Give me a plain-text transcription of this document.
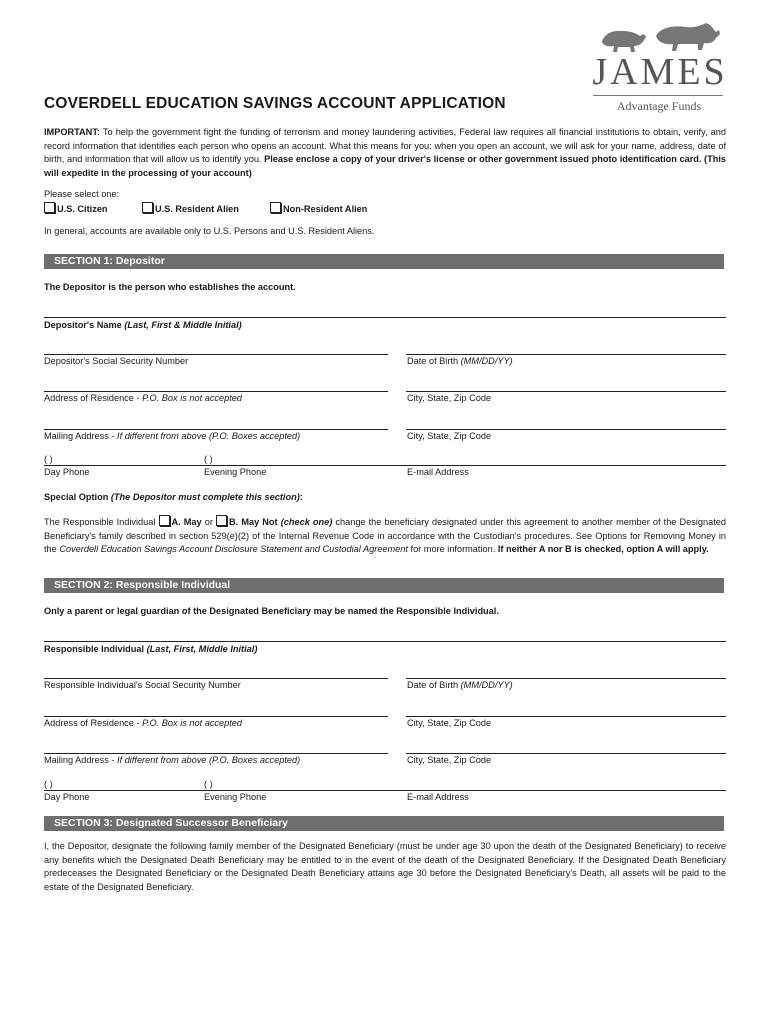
JAMES
Advantage Funds
COVERDELL EDUCATION SAVINGS ACCOUNT APPLICATION
IMPORTANT: To help the government fight the funding of terrorism and money laundering activities, Federal law requires all financial institutions to obtain, verify, and record information that identifies each person who opens an account. What this means for you: when you open an account, we will ask for your name, address, date of birth, and information that will allow us to identify you. Please enclose a copy of your driver's license or other government issued photo identification card. (This will expedite in the processing of your account)
Please select one:
U.S. Citizen	U.S. Resident Alien	Non-Resident Alien
In general, accounts are available only to U.S. Persons and U.S. Resident Aliens.
SECTION 1: Depositor
The Depositor is the person who establishes the account.
Depositor's Name (Last, First & Middle Initial)
Depositor's Social Security Number	Date of Birth (MM/DD/YY)
Address of Residence - P.O. Box is not accepted	City, State, Zip Code
Mailing Address - If different from above (P.O. Boxes accepted)	City, State, Zip Code
( )	( )
Day Phone	Evening Phone	E-mail Address
Special Option (The Depositor must complete this section):
The Responsible Individual A. May or B. May Not (check one) change the beneficiary designated under this agreement to another member of the Designated Beneficiary's family described in section 529(e)(2) of the Internal Revenue Code in accordance with the Custodian's procedures. See Options for Removing Money in the Coverdell Education Savings Account Disclosure Statement and Custodial Agreement for more information. If neither A nor B is checked, option A will apply.
SECTION 2: Responsible Individual
Only a parent or legal guardian of the Designated Beneficiary may be named the Responsible Individual.
Responsible Individual (Last, First, Middle Initial)
Responsible Individual's Social Security Number	Date of Birth (MM/DD/YY)
Address of Residence - P.O. Box is not accepted	City, State, Zip Code
Mailing Address - If different from above (P.O. Boxes accepted)	City, State, Zip Code
( )	( )
Day Phone	Evening Phone	E-mail Address
SECTION 3: Designated Successor Beneficiary
I, the Depositor, designate the following family member of the Designated Beneficiary (must be under age 30 upon the death of the Designated Beneficiary) to receive any benefits which the Designated Death Beneficiary may be entitled to in the event of the death of the Designated Beneficiary. If the Designated Death Beneficiary predeceases the Designated Beneficiary or the Designated Death Beneficiary attains age 30 before the Designated Beneficiary's Death, all assets will be paid to the estate of the Designated Beneficiary.
